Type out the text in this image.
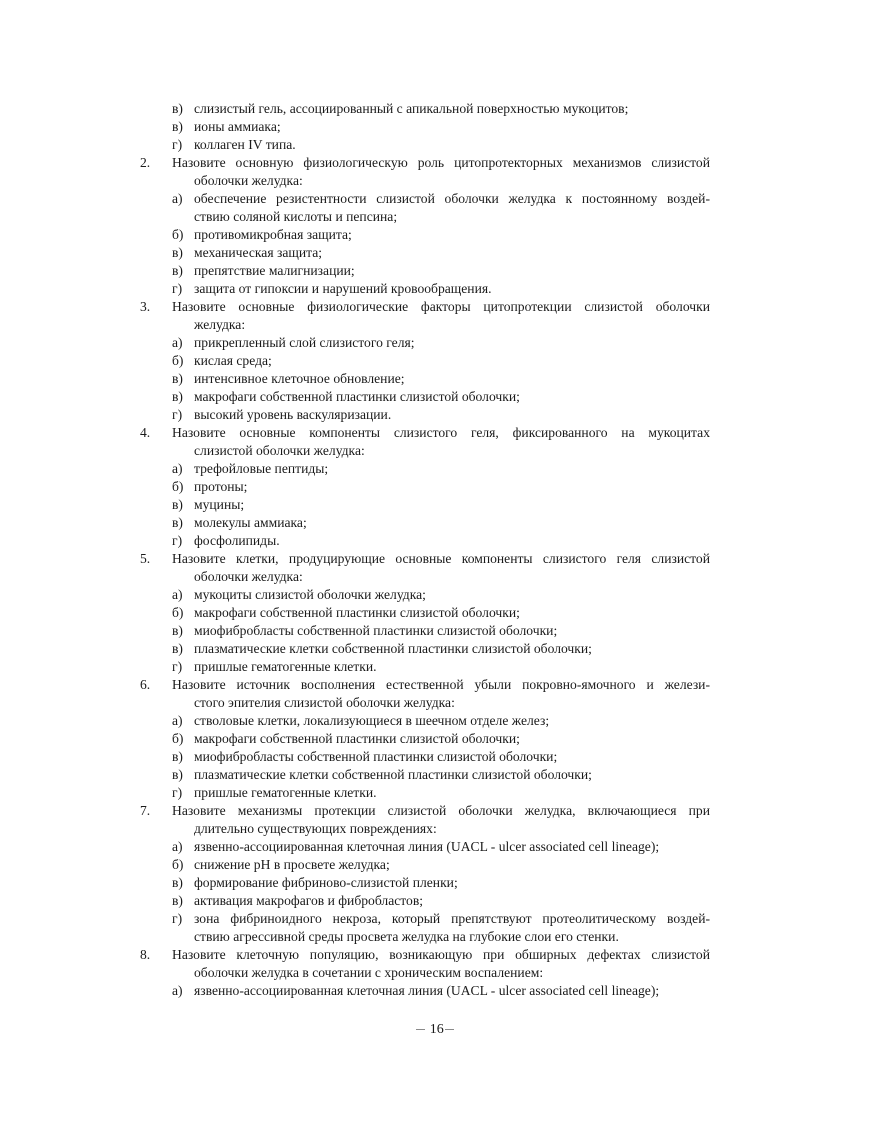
в) слизистый гель, ассоциированный с апикальной поверхностью мукоцитов;
в) ионы аммиака;
г) коллаген IV типа.
2. Назовите основную физиологическую роль цитопротекторных механизмов слизистой
оболочки желудка:
а) обеспечение резистентности слизистой оболочки желудка к постоянному воздей-
ствию соляной кислоты и пепсина;
б) противомикробная защита;
в) механическая защита;
в) препятствие малигнизации;
г) защита от гипоксии и нарушений кровообращения.
3. Назовите основные физиологические факторы цитопротекции слизистой оболочки
желудка:
а) прикрепленный слой слизистого геля;
б) кислая среда;
в) интенсивное клеточное обновление;
в) макрофаги собственной пластинки слизистой оболочки;
г) высокий уровень васкуляризации.
4. Назовите основные компоненты слизистого геля, фиксированного на мукоцитах
слизистой оболочки желудка:
а) трефойловые пептиды;
б) протоны;
в) муцины;
в) молекулы аммиака;
г) фосфолипиды.
5. Назовите клетки, продуцирующие основные компоненты слизистого геля слизистой
оболочки желудка:
а) мукоциты слизистой оболочки желудка;
б) макрофаги собственной пластинки слизистой оболочки;
в) миофибробласты собственной пластинки слизистой оболочки;
в) плазматические клетки собственной пластинки слизистой оболочки;
г) пришлые гематогенные клетки.
6. Назовите источник восполнения естественной убыли покровно-ямочного и желези-
стого эпителия слизистой оболочки желудка:
а) стволовые клетки, локализующиеся в шеечном отделе желез;
б) макрофаги собственной пластинки слизистой оболочки;
в) миофибробласты собственной пластинки слизистой оболочки;
в) плазматические клетки собственной пластинки слизистой оболочки;
г) пришлые гематогенные клетки.
7. Назовите механизмы протекции слизистой оболочки желудка, включающиеся при
длительно существующих повреждениях:
а) язвенно-ассоциированная клеточная линия (UACL - ulcer associated cell lineage);
б) снижение pH в просвете желудка;
в) формирование фибриново-слизистой пленки;
в) активация макрофагов и фибробластов;
г) зона фибриноидного некроза, который препятствуют протеолитическому воздей-
ствию агрессивной среды просвета желудка на глубокие слои его стенки.
8. Назовите клеточную популяцию, возникающую при обширных дефектах слизистой
оболочки желудка в сочетании с хроническим воспалением:
а) язвенно-ассоциированная клеточная линия (UACL - ulcer associated cell lineage);
16
